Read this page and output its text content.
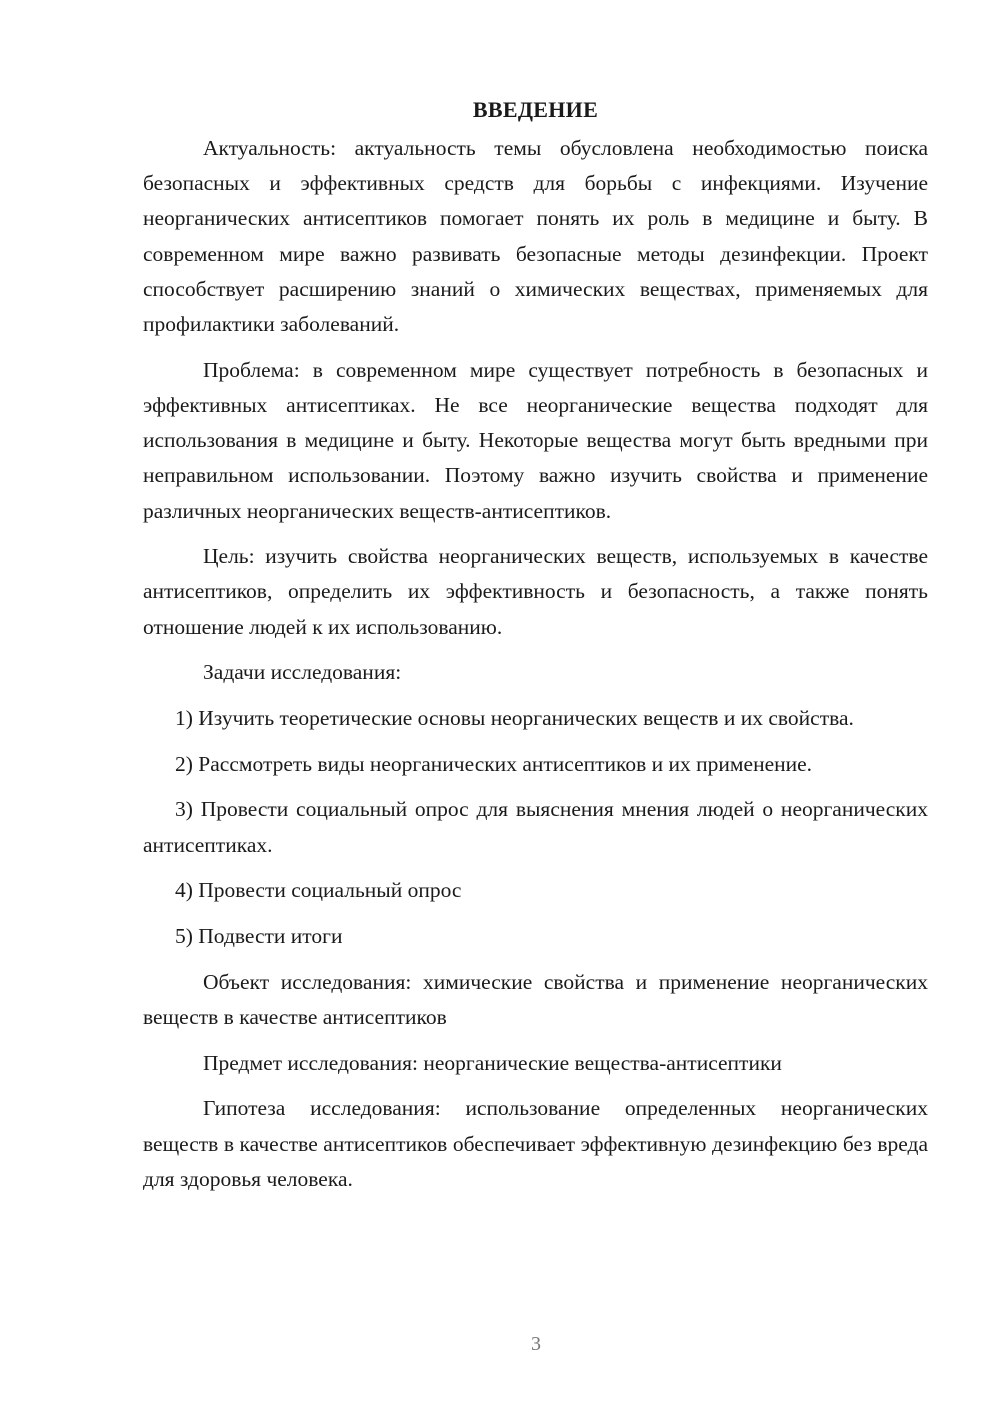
ВВЕДЕНИЕ

Актуальность: актуальность темы обусловлена необходимостью поиска безопасных и эффективных средств для борьбы с инфекциями. Изучение неорганических антисептиков помогает понять их роль в медицине и быту. В современном мире важно развивать безопасные методы дезинфекции. Проект способствует расширению знаний о химических веществах, применяемых для профилактики заболеваний.

Проблема: в современном мире существует потребность в безопасных и эффективных антисептиках. Не все неорганические вещества подходят для использования в медицине и быту. Некоторые вещества могут быть вредными при неправильном использовании. Поэтому важно изучить свойства и применение различных неорганических веществ-антисептиков.

Цель: изучить свойства неорганических веществ, используемых в качестве антисептиков, определить их эффективность и безопасность, а также понять отношение людей к их использованию.

Задачи исследования:

1) Изучить теоретические основы неорганических веществ и их свойства.

2) Рассмотреть виды неорганических антисептиков и их применение.

3) Провести социальный опрос для выяснения мнения людей о неорганических антисептиках.

4) Провести социальный опрос

5) Подвести итоги

Объект исследования: химические свойства и применение неорганических веществ в качестве антисептиков

Предмет исследования: неорганические вещества-антисептики

Гипотеза исследования: использование определенных неорганических веществ в качестве антисептиков обеспечивает эффективную дезинфекцию без вреда для здоровья человека.

3
